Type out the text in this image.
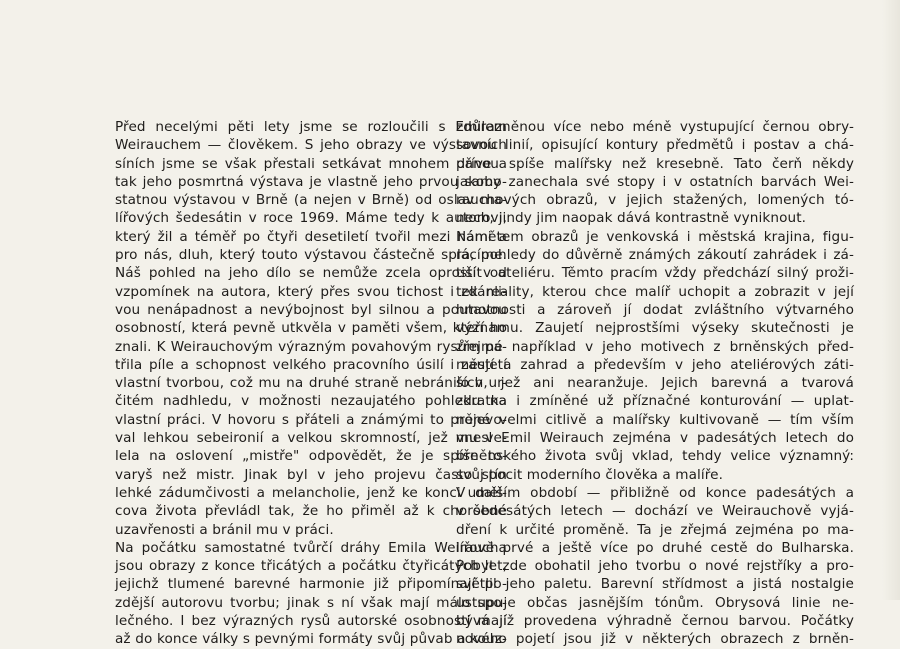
Před necelými pěti lety jsme se rozloučili s Emilem

Weirauchem — člověkem. S jeho obrazy ve výstavních

síních jsme se však přestali setkávat mnohem dříve a

tak jeho posmrtná výstava je vlastně jeho prvou samo-

statnou výstavou v Brně (a nejen v Brně) od oslav ma-

lířových šedesátin v roce 1969. Máme tedy k autorovi,

který žil a téměř po čtyři desetiletí tvořil mezi námi a

pro nás, dluh, který touto výstavou částečně splácíme.

Náš pohled na jeho dílo se nemůže zcela oprostit od

vzpomínek na autora, který přes svou tichost i zdánli-

vou nenápadnost a nevýbojnost byl silnou a poutavou

osobností, která pevně utkvěla v paměti všem, kteří ho

znali. K Weirauchovým výrazným povahovým rysům pa-

třila píle a schopnost velkého pracovního úsilí i zaujetí

vlastní tvorbou, což mu na druhé straně nebránilo v ur-

čitém nadhledu, v možnosti nezaujatého pohledu na

vlastní práci. V hovoru s přáteli a známými to projevo-

val lehkou sebeironií a velkou skromností, jež mu ve-

lela na oslovení „mistře" odpovědět, že je spíše to-

varyš než mistr. Jinak byl v jeho projevu často stín

lehké zádumčivosti a melancholie, jenž ke konci uměl-

cova života převládl tak, že ho přiměl až k chorobné

uzavřenosti a bránil mu v práci.

Na počátku samostatné tvůrčí dráhy Emila Weiraucha

jsou obrazy z konce třicátých a počátku čtyřicátých let,

jejichž tlumené barevné harmonie již připomínají po-

zdější autorovu tvorbu; jinak s ní však mají málo spo-

lečného. I bez výrazných rysů autorské osobnosti mají

až do konce války s pevnými formáty svůj půvab a kouz-

zdůrazněnou více nebo méně vystupující černou obry-

sovou linií, opisující kontury předmětů i postav a chá-

panou spíše malířsky než kresebně. Tato čerň někdy

jakoby zanechala své stopy i v ostatních barvách Wei-

rauchových obrazů, v jejich stažených, lomených tó-

nech; jindy jim naopak dává kontrastně vyniknout.

Námětem obrazů je venkovská i městská krajina, figu-

ra, pohledy do důvěrně známých zákoutí zahrádek i zá-

tiší v ateliéru. Těmto pracím vždy předchází silný proži-

tek reality, kterou chce malíř uchopit a zobrazit v její

hmotnosti a zároveň jí dodat zvláštního výtvarného

významu. Zaujetí nejprostšími výseky skutečnosti je

zřejmé například v jeho motivech z brněnských před-

městí a zahrad a především v jeho ateliérových záti-

ších, jež ani nearanžuje. Jejich barevná a tvarová

zkratka i zmíněné už příznačné konturování — uplat-

něné velmi citlivě a malířsky kultivovaně — tím vším

vnesl Emil Weirauch zejména v padesátých letech do

brněnského života svůj vklad, tehdy velice významný:

svůj pocit moderního člověka a malíře.

V dalším období — přibližně od konce padesátých a

v šedesátých letech — dochází ve Weirauchově vyjá-

dření k určité proměně. Ta je zřejmá zejména po ma-

lířově prvé a ještě více po druhé cestě do Bulharska.

Pobyt zde obohatil jeho tvorbu o nové rejstříky a pro-

světlil jeho paletu. Barevní střídmost a jistá nostalgie

ustupuje občas jasnějším tónům. Obrysová linie ne-

bývá již provedena výhradně černou barvou. Počátky

nového pojetí jsou již v některých obrazech z brněn-
